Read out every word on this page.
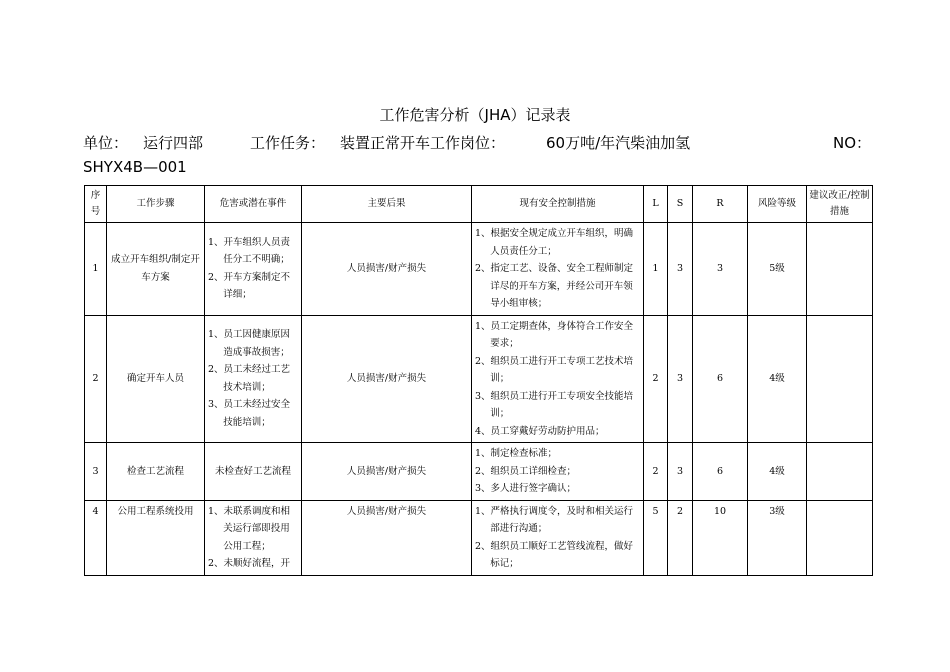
工作危害分析（JHA）记录表
单位： 运行四部	工作任务： 装置正常开车 工作岗位：	60万吨/年汽柴油加氢	NO：
SHYX4B—001
序号	工作步骤	危害或潜在事件	主要后果	现有安全控制措施	L	S	R	风险等级	建议改正/控制措施
1	成立开车组织/制定开车方案	1、开车组织人员责任分工不明确；
2、开车方案制定不详细；	人员损害/财产损失	1、根据安全规定成立开车组织，明确人员责任分工；
2、指定工艺、设备、安全工程师制定详尽的开车方案，并经公司开车领导小组审核；	1	3	3	5级	
2	确定开车人员	1、员工因健康原因造成事故损害；
2、员工未经过工艺技术培训；
3、员工未经过安全技能培训；	人员损害/财产损失	1、员工定期查体，身体符合工作安全要求；
2、组织员工进行开工专项工艺技术培训；
3、组织员工进行开工专项安全技能培训；
4、员工穿戴好劳动防护用品；	2	3	6	4级	
3	检查工艺流程	未检查好工艺流程	人员损害/财产损失	1、制定检查标准；
2、组织员工详细检查；
3、多人进行签字确认；	2	3	6	4级	
4	公用工程系统投用	1、未联系调度和相关运行部即投用公用工程；
2、未顺好流程，开	人员损害/财产损失	1、严格执行调度令，及时和相关运行部进行沟通；
2、组织员工顺好工艺管线流程，做好标记；	5	2	10	3级	
